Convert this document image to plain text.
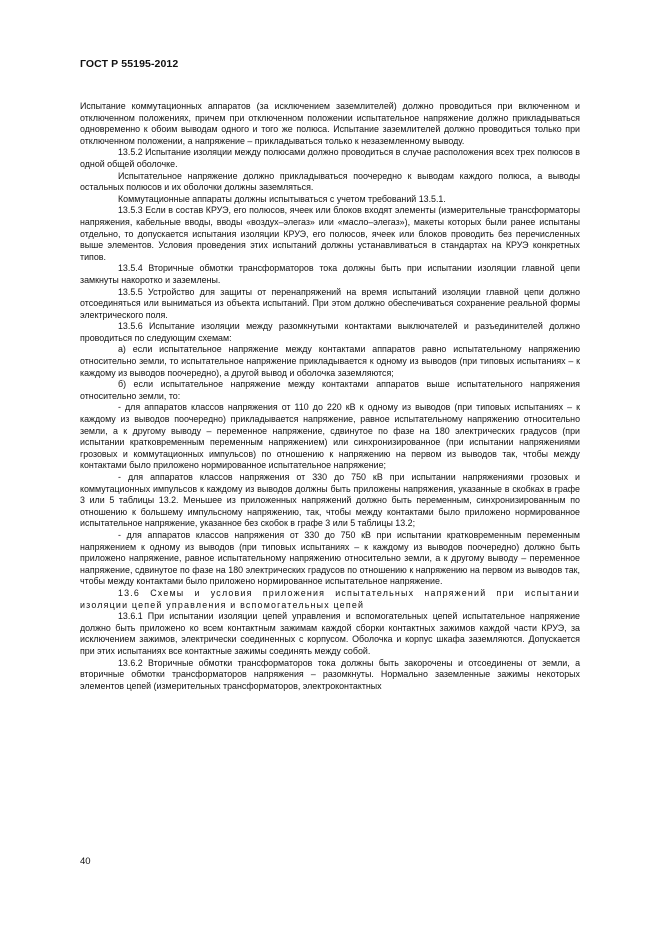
ГОСТ Р 55195-2012

Испытание коммутационных аппаратов (за исключением заземлителей) должно проводиться при включенном и отключенном положениях, причем при отключенном положении испытательное напряжение должно прикладываться одновременно к обоим выводам одного и того же полюса. Испытание заземлителей должно проводиться только при отключенном положении, а напряжение – прикладываться только к незаземленному выводу.

13.5.2 Испытание изоляции между полюсами должно проводиться в случае расположения всех трех полюсов в одной общей оболочке.

Испытательное напряжение должно прикладываться поочередно к выводам каждого полюса, а выводы остальных полюсов и их оболочки должны заземляться.

Коммутационные аппараты должны испытываться с учетом требований 13.5.1.

13.5.3 Если в состав КРУЭ, его полюсов, ячеек или блоков входят элементы (измерительные трансформаторы напряжения, кабельные вводы, вводы «воздух–элегаз» или «масло–элегаз»), макеты которых были ранее испытаны отдельно, то допускается испытания изоляции КРУЭ, его полюсов, ячеек или блоков проводить без перечисленных выше элементов. Условия проведения этих испытаний должны устанавливаться в стандартах на КРУЭ конкретных типов.

13.5.4 Вторичные обмотки трансформаторов тока должны быть при испытании изоляции главной цепи замкнуты накоротко и заземлены.

13.5.5 Устройство для защиты от перенапряжений на время испытаний изоляции главной цепи должно отсоединяться или выниматься из объекта испытаний. При этом должно обеспечиваться сохранение реальной формы электрического поля.

13.5.6 Испытание изоляции между разомкнутыми контактами выключателей и разъединителей должно проводиться по следующим схемам:

а) если испытательное напряжение между контактами аппаратов равно испытательному напряжению относительно земли, то испытательное напряжение прикладывается к одному из выводов (при типовых испытаниях – к каждому из выводов поочередно), а другой вывод и оболочка заземляются;

б) если испытательное напряжение между контактами аппаратов выше испытательного напряжения относительно земли, то:

- для аппаратов классов напряжения от 110 до 220 кВ к одному из выводов (при типовых испытаниях – к каждому из выводов поочередно) прикладывается напряжение, равное испытательному напряжению относительно земли, а к другому выводу – переменное напряжение, сдвинутое по фазе на 180 электрических градусов (при испытании кратковременным переменным напряжением) или синхронизированное (при испытании напряжениями грозовых и коммутационных импульсов) по отношению к напряжению на первом из выводов так, чтобы между контактами было приложено нормированное испытательное напряжение;

- для аппаратов классов напряжения от 330 до 750 кВ при испытании напряжениями грозовых и коммутационных импульсов к каждому из выводов должны быть приложены напряжения, указанные в скобках в графе 3 или 5 таблицы 13.2. Меньшее из приложенных напряжений должно быть переменным, синхронизированным по отношению к большему импульсному напряжению, так, чтобы между контактами было приложено нормированное испытательное напряжение, указанное без скобок в графе 3 или 5 таблицы 13.2;

- для аппаратов классов напряжения от 330 до 750 кВ при испытании кратковременным переменным напряжением к одному из выводов (при типовых испытаниях – к каждому из выводов поочередно) должно быть приложено напряжение, равное испытательному напряжению относительно земли, а к другому выводу – переменное напряжение, сдвинутое по фазе на 180 электрических градусов по отношению к напряжению на первом из выводов так, чтобы между контактами было приложено нормированное испытательное напряжение.

13.6 Схемы и условия приложения испытательных напряжений при испытании изоляции цепей управления и вспомогательных цепей

13.6.1 При испытании изоляции цепей управления и вспомогательных цепей испытательное напряжение должно быть приложено ко всем контактным зажимам каждой сборки контактных зажимов каждой части КРУЭ, за исключением зажимов, электрически соединенных с корпусом. Оболочка и корпус шкафа заземляются. Допускается при этих испытаниях все контактные зажимы соединять между собой.

13.6.2 Вторичные обмотки трансформаторов тока должны быть закорочены и отсоединены от земли, а вторичные обмотки трансформаторов напряжения – разомкнуты. Нормально заземленные зажимы некоторых элементов цепей (измерительных трансформаторов, электроконтактных

40
